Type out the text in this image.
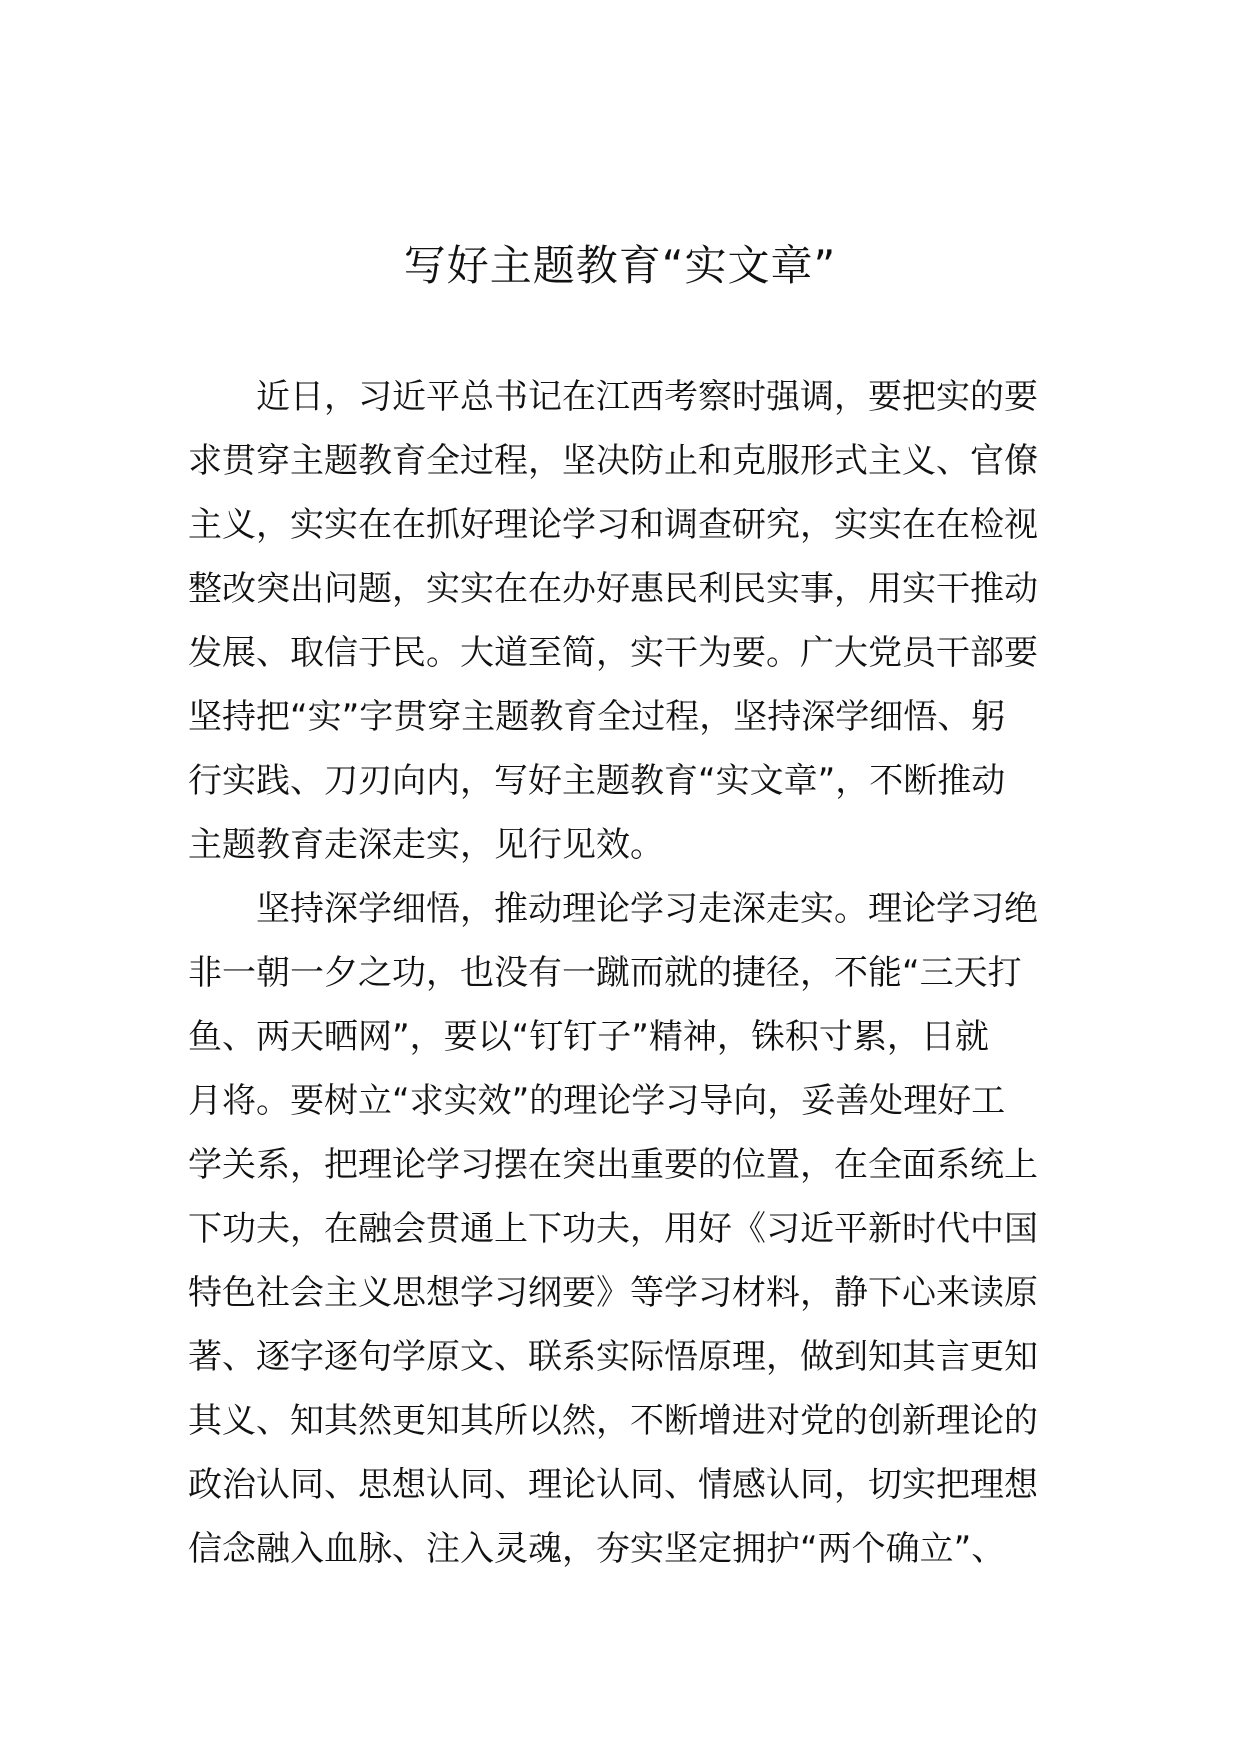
写好主题教育“实文章”
近日，习近平总书记在江西考察时强调，要把实的要
求贯穿主题教育全过程，坚决防止和克服形式主义、官僚
主义，实实在在抓好理论学习和调查研究，实实在在检视
整改突出问题，实实在在办好惠民利民实事，用实干推动
发展、取信于民。大道至简，实干为要。广大党员干部要
坚持把“实”字贯穿主题教育全过程，坚持深学细悟、躬
行实践、刀刃向内，写好主题教育“实文章”，不断推动
主题教育走深走实，见行见效。
坚持深学细悟，推动理论学习走深走实。理论学习绝
非一朝一夕之功，也没有一蹴而就的捷径，不能“三天打
鱼、两天晒网”，要以“钉钉子”精神，铢积寸累，日就
月将。要树立“求实效”的理论学习导向，妥善处理好工
学关系，把理论学习摆在突出重要的位置，在全面系统上
下功夫，在融会贯通上下功夫，用好《习近平新时代中国
特色社会主义思想学习纲要》等学习材料，静下心来读原
著、逐字逐句学原文、联系实际悟原理，做到知其言更知
其义、知其然更知其所以然，不断增进对党的创新理论的
政治认同、思想认同、理论认同、情感认同，切实把理想
信念融入血脉、注入灵魂，夯实坚定拥护“两个确立”、
